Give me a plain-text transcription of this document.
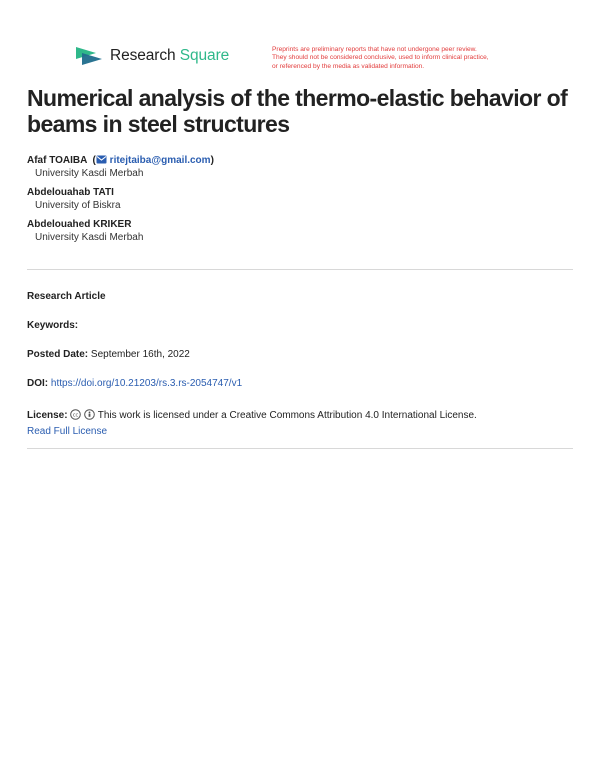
Research Square	Preprints are preliminary reports that have not undergone peer review.
They should not be considered conclusive, used to inform clinical practice,
or referenced by the media as validated information.
Numerical analysis of the thermo-elastic behavior of beams in steel structures
Afaf TOAIBA  ( ritejtaiba@gmail.com)
University Kasdi Merbah
Abdelouahab TATI
University of Biskra
Abdelouahed KRIKER
University Kasdi Merbah
Research Article
Keywords:
Posted Date: September 16th, 2022
DOI: https://doi.org/10.21203/rs.3.rs-2054747/v1
License: cc This work is licensed under a Creative Commons Attribution 4.0 International License.
Read Full License
